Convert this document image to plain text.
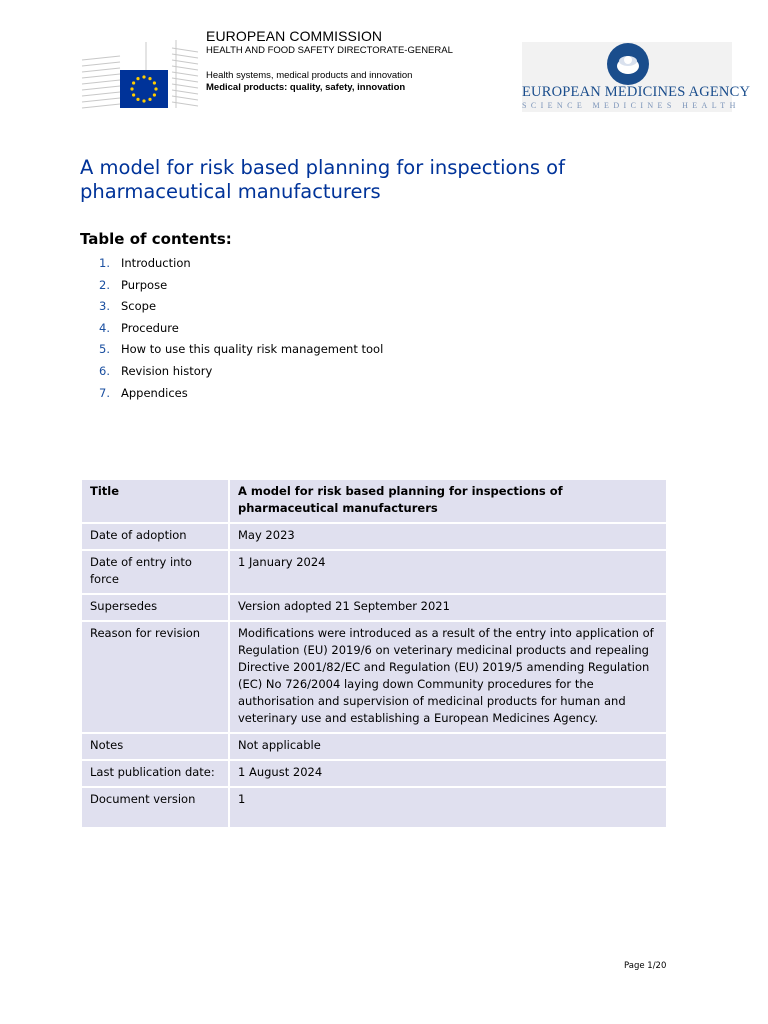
EUROPEAN COMMISSION
HEALTH AND FOOD SAFETY DIRECTORATE-GENERAL
Health systems, medical products and innovation
Medical products: quality, safety, innovation	EUROPEAN MEDICINES AGENCY
SCIENCE MEDICINES HEALTH
A model for risk based planning for inspections of pharmaceutical manufacturers
Table of contents:
1. Introduction
2. Purpose
3. Scope
4. Procedure
5. How to use this quality risk management tool
6. Revision history
7. Appendices
Title	A model for risk based planning for inspections of pharmaceutical manufacturers
Date of adoption	May 2023
Date of entry into force	1 January 2024
Supersedes	Version adopted 21 September 2021
Reason for revision	Modifications were introduced as a result of the entry into application of Regulation (EU) 2019/6 on veterinary medicinal products and repealing Directive 2001/82/EC and Regulation (EU) 2019/5 amending Regulation (EC) No 726/2004 laying down Community procedures for the authorisation and supervision of medicinal products for human and veterinary use and establishing a European Medicines Agency.
Notes	Not applicable
Last publication date:	1 August 2024
Document version	1
Page 1/20
